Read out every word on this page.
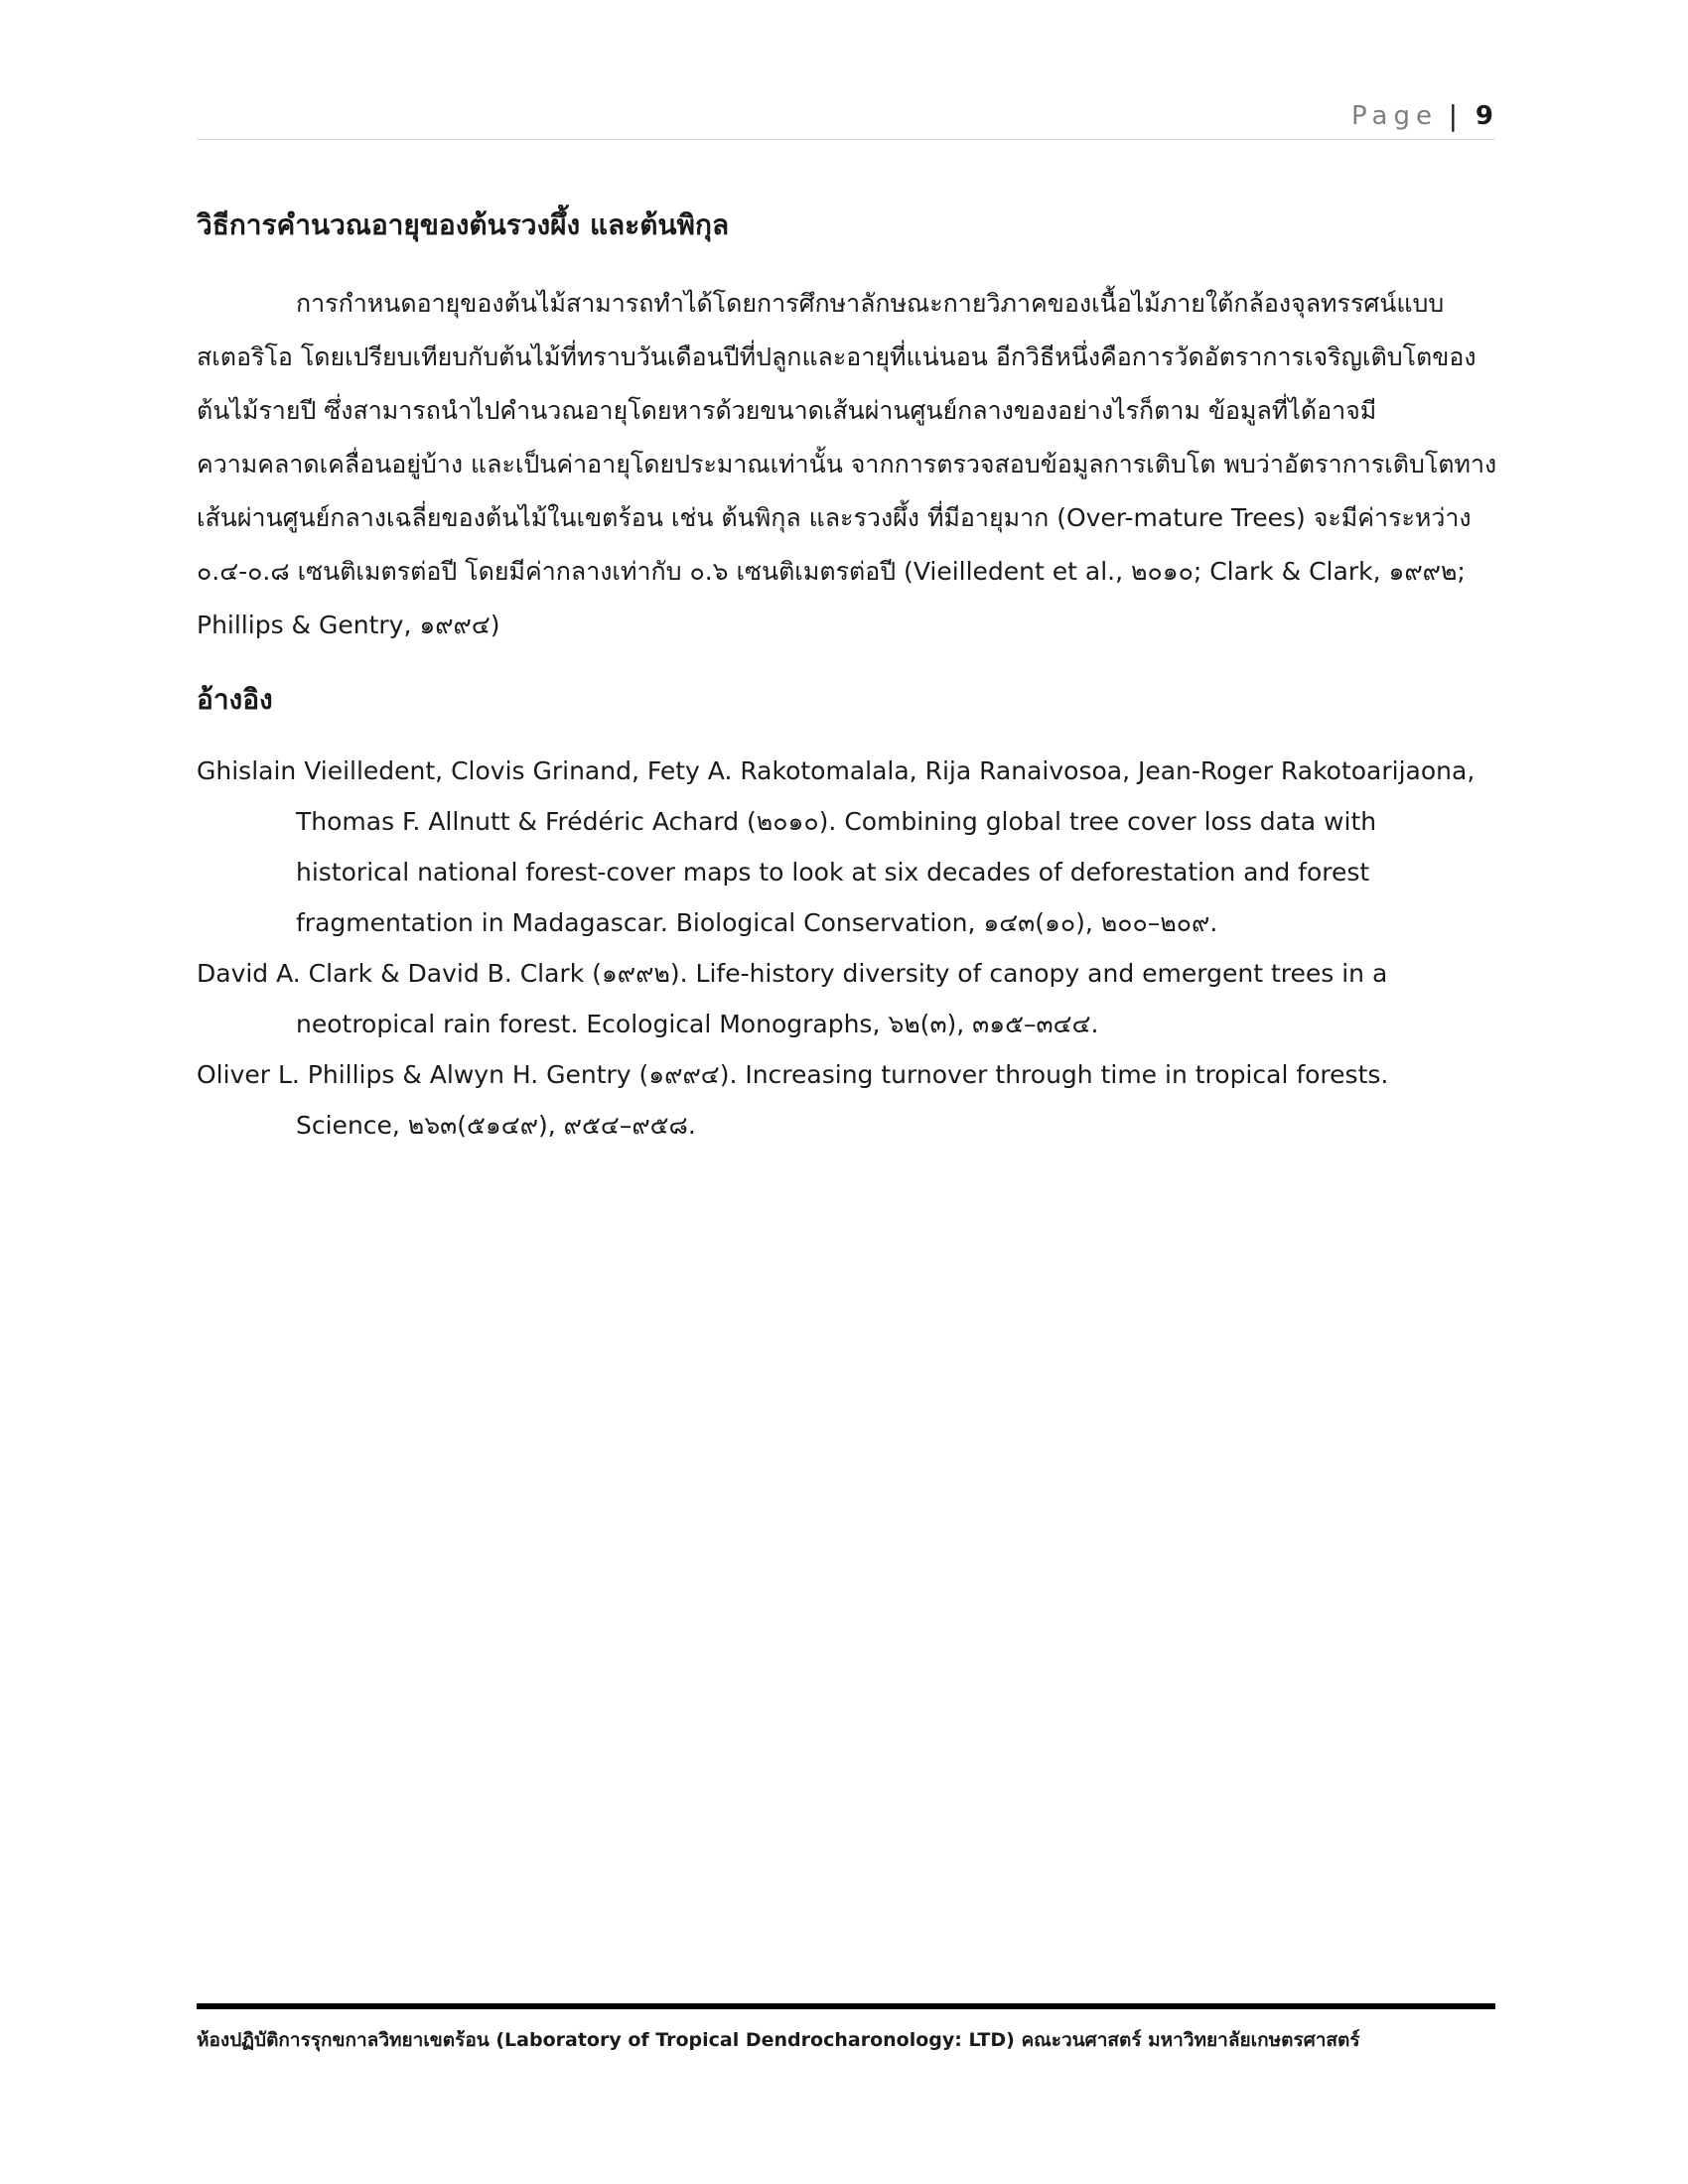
Page | 9
วิธีการคำนวณอายุของต้นรวงผึ้ง และต้นพิกุล

การกำหนดอายุของต้นไม้สามารถทำได้โดยการศึกษาลักษณะกายวิภาคของเนื้อไม้ภายใต้กล้องจุลทรรศน์แบบสเตอริโอ โดยเปรียบเทียบกับต้นไม้ที่ทราบวันเดือนปีที่ปลูกและอายุที่แน่นอน อีกวิธีหนึ่งคือการวัดอัตราการเจริญเติบโตของต้นไม้รายปี ซึ่งสามารถนำไปคำนวณอายุโดยหารด้วยขนาดเส้นผ่านศูนย์กลางของอย่างไรก็ตาม ข้อมูลที่ได้อาจมีความคลาดเคลื่อนอยู่บ้าง และเป็นค่าอายุโดยประมาณเท่านั้น จากการตรวจสอบข้อมูลการเติบโต พบว่าอัตราการเติบโตทางเส้นผ่านศูนย์กลางเฉลี่ยของต้นไม้ในเขตร้อน เช่น ต้นพิกุล และรวงผึ้ง ที่มีอายุมาก (Over-mature Trees) จะมีค่าระหว่าง ๐.๔-๐.๘ เซนติเมตรต่อปี โดยมีค่ากลางเท่ากับ ๐.๖ เซนติเมตรต่อปี (Vieilledent et al., ๒๐๑๐; Clark & Clark, ๑๙๙๒; Phillips & Gentry, ๑๙๙๔)

อ้างอิง

Ghislain Vieilledent, Clovis Grinand, Fety A. Rakotomalala, Rija Ranaivosoa, Jean-Roger Rakotoarijaona, Thomas F. Allnutt & Frédéric Achard (๒๐๑๐). Combining global tree cover loss data with historical national forest-cover maps to look at six decades of deforestation and forest fragmentation in Madagascar. Biological Conservation, ๑๔๓(๑๐), ๒๐๐–๒๐๙.

David A. Clark & David B. Clark (๑๙๙๒). Life-history diversity of canopy and emergent trees in a neotropical rain forest. Ecological Monographs, ๖๒(๓), ๓๑๕–๓๔๔.

Oliver L. Phillips & Alwyn H. Gentry (๑๙๙๔). Increasing turnover through time in tropical forests. Science, ๒๖๓(๕๑๔๙), ๙๕๔–๙๕๘.

ห้องปฏิบัติการรุกขกาลวิทยาเขตร้อน (Laboratory of Tropical Dendrocharonology: LTD) คณะวนศาสตร์ มหาวิทยาลัยเกษตรศาสตร์
